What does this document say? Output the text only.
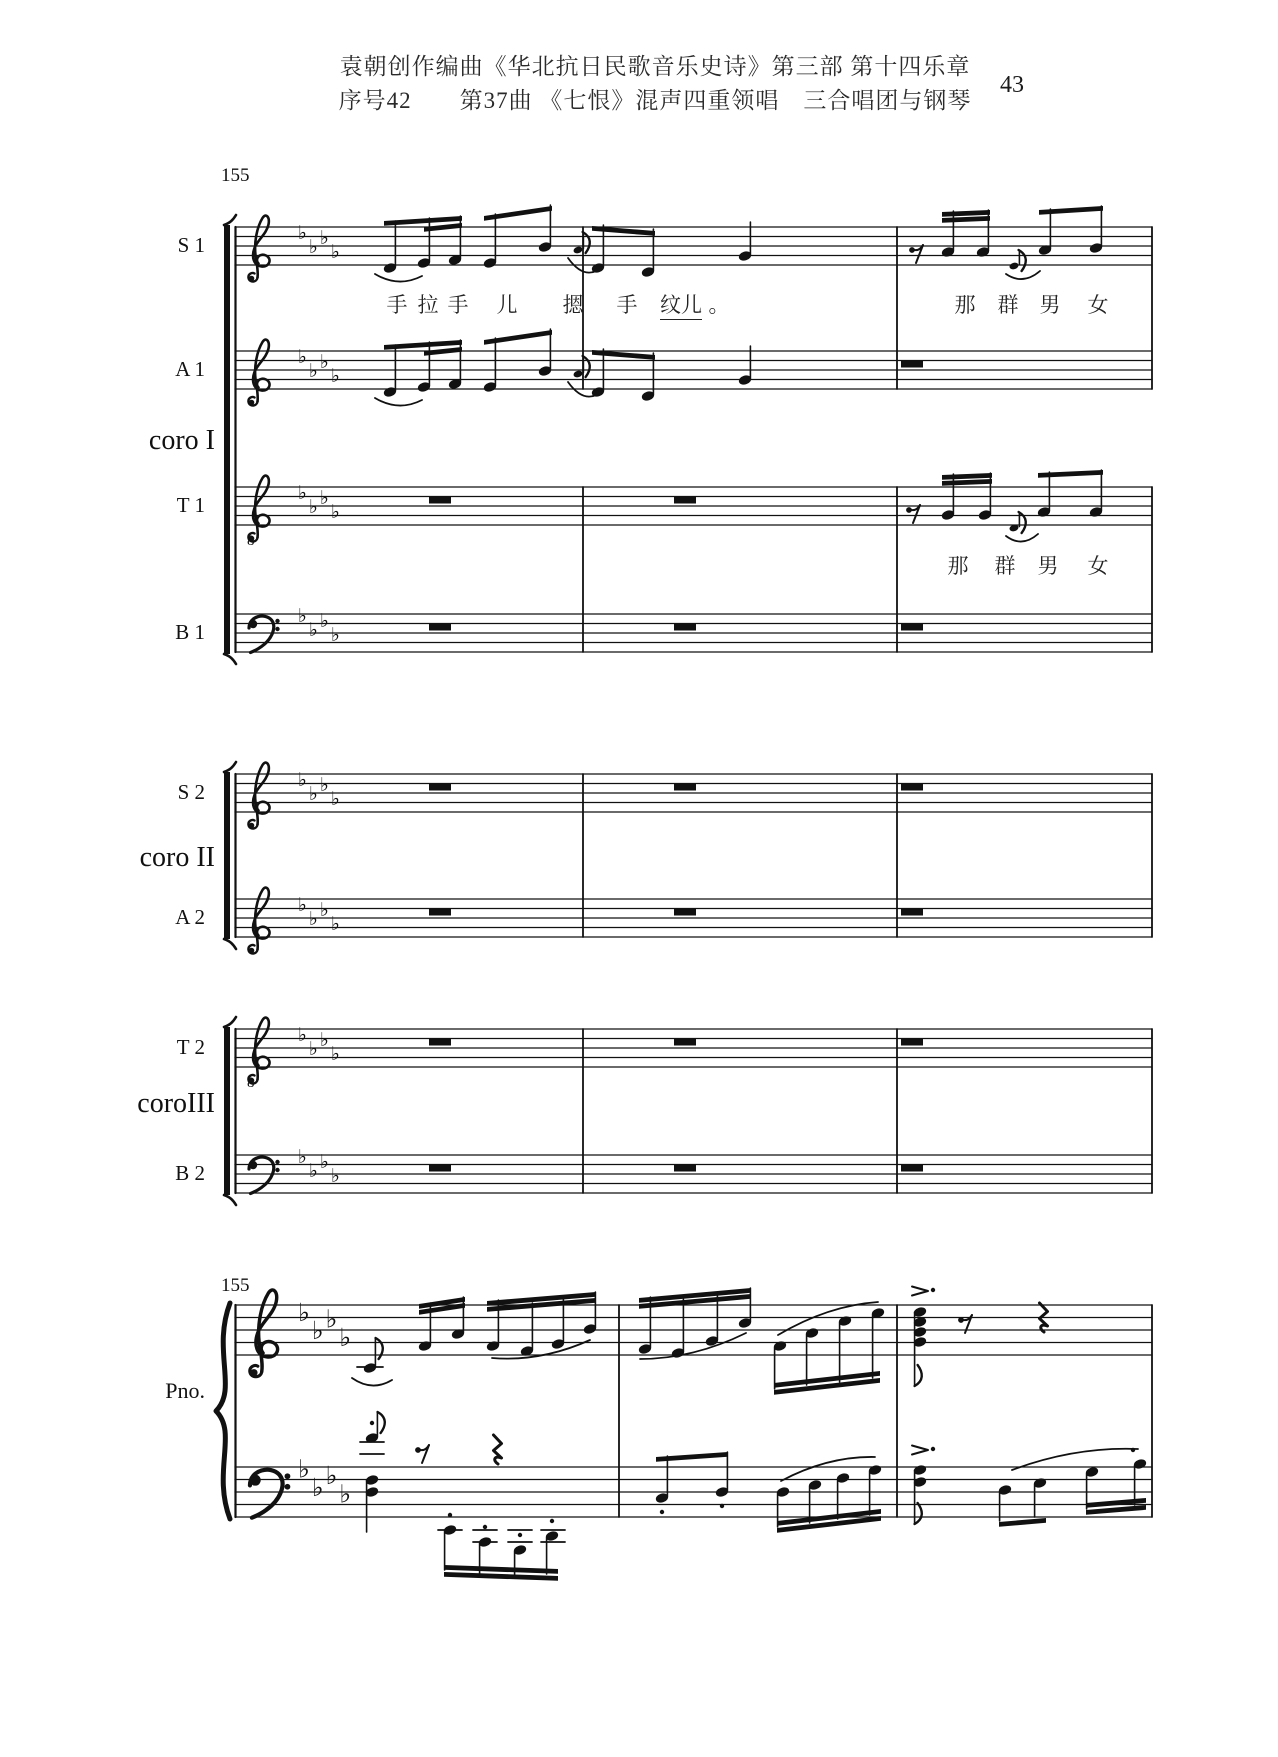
♭
♭ ♭
♭
♭
♭ ♭
♭
8
♭
♭ ♭
♭
♭
♭ ♭
♭
♭
♭ ♭
♭
♭
♭ ♭
♭
8
♭
♭ ♭
♭
♭
♭ ♭
♭
♭
♭ ♭
♭
♭
♭ ♭
♭
袁朝创作编曲《华北抗日民歌音乐史诗》第三部 第十四乐章
序号42　　第37曲 《七恨》混声四重领唱　三合唱团与钢琴
43
155
155
S 1
A 1
T 1
B 1
S 2
A 2
T 2
B 2
coro I
coro II
coroIII
Pno.
手 拉 手 儿 摁 手 纹儿 。	那 群 男 女
那 群 男 女
